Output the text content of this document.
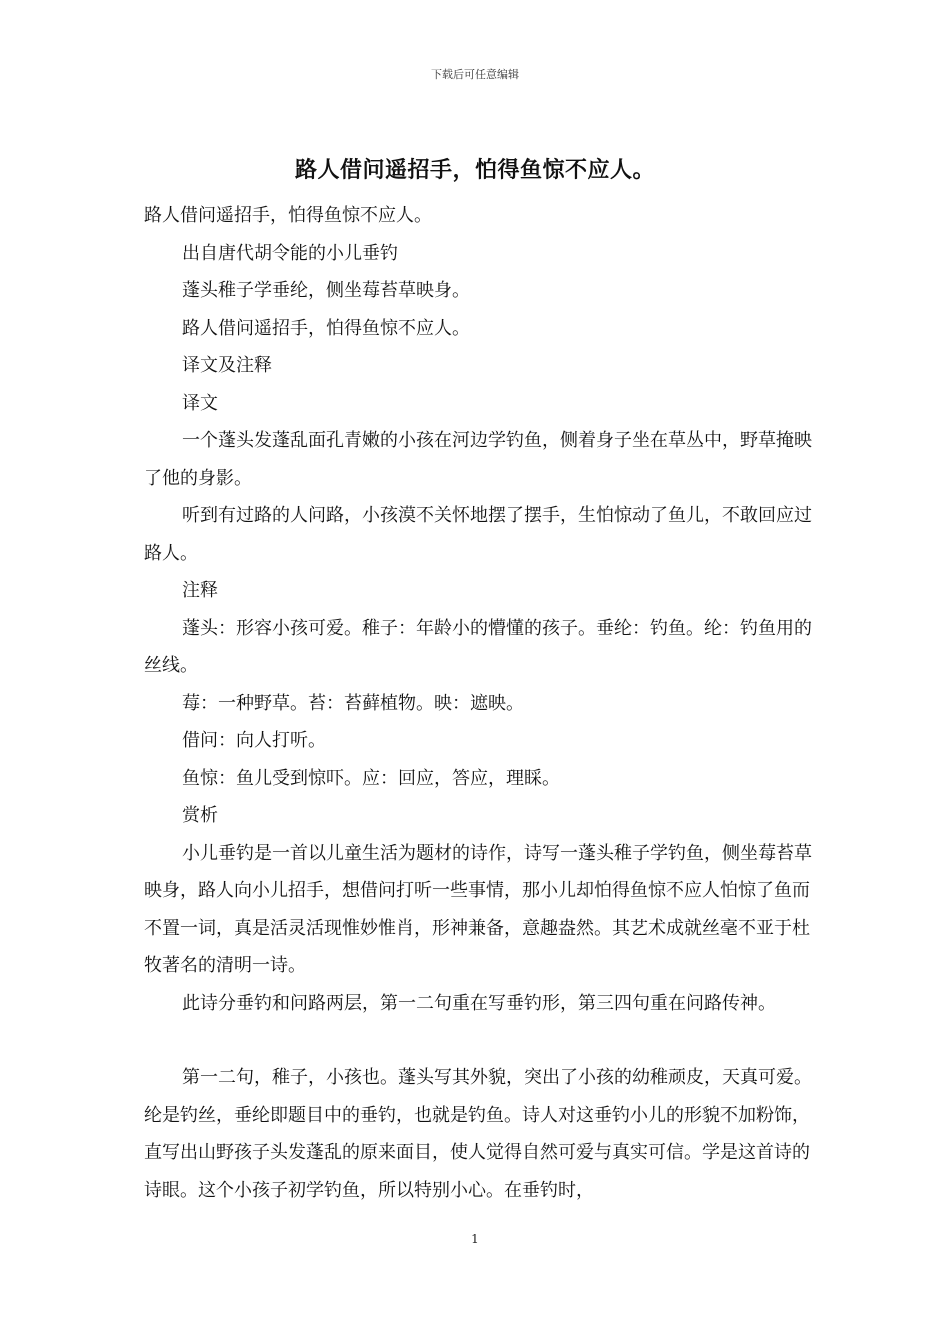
下载后可任意编辑
路人借问遥招手，怕得鱼惊不应人。

路人借问遥招手，怕得鱼惊不应人。

出自唐代胡令能的小儿垂钓

蓬头稚子学垂纶，侧坐莓苔草映身。

路人借问遥招手，怕得鱼惊不应人。

译文及注释

译文

一个蓬头发蓬乱面孔青嫩的小孩在河边学钓鱼，侧着身子坐在草丛中，野草掩映了他的身影。

听到有过路的人问路，小孩漠不关怀地摆了摆手，生怕惊动了鱼儿，不敢回应过路人。

注释

蓬头：形容小孩可爱。稚子：年龄小的懵懂的孩子。垂纶：钓鱼。纶：钓鱼用的丝线。

莓：一种野草。苔：苔藓植物。映：遮映。

借问：向人打听。

鱼惊：鱼儿受到惊吓。应：回应，答应，理睬。

赏析

小儿垂钓是一首以儿童生活为题材的诗作，诗写一蓬头稚子学钓鱼，侧坐莓苔草映身，路人向小儿招手，想借问打听一些事情，那小儿却怕得鱼惊不应人怕惊了鱼而不置一词，真是活灵活现惟妙惟肖，形神兼备，意趣盎然。其艺术成就丝毫不亚于杜牧著名的清明一诗。

此诗分垂钓和问路两层，第一二句重在写垂钓形，第三四句重在问路传神。

第一二句，稚子，小孩也。蓬头写其外貌，突出了小孩的幼稚顽皮，天真可爱。纶是钓丝，垂纶即题目中的垂钓，也就是钓鱼。诗人对这垂钓小儿的形貌不加粉饰，直写出山野孩子头发蓬乱的原来面目，使人觉得自然可爱与真实可信。学是这首诗的诗眼。这个小孩子初学钓鱼，所以特别小心。在垂钓时，

1
